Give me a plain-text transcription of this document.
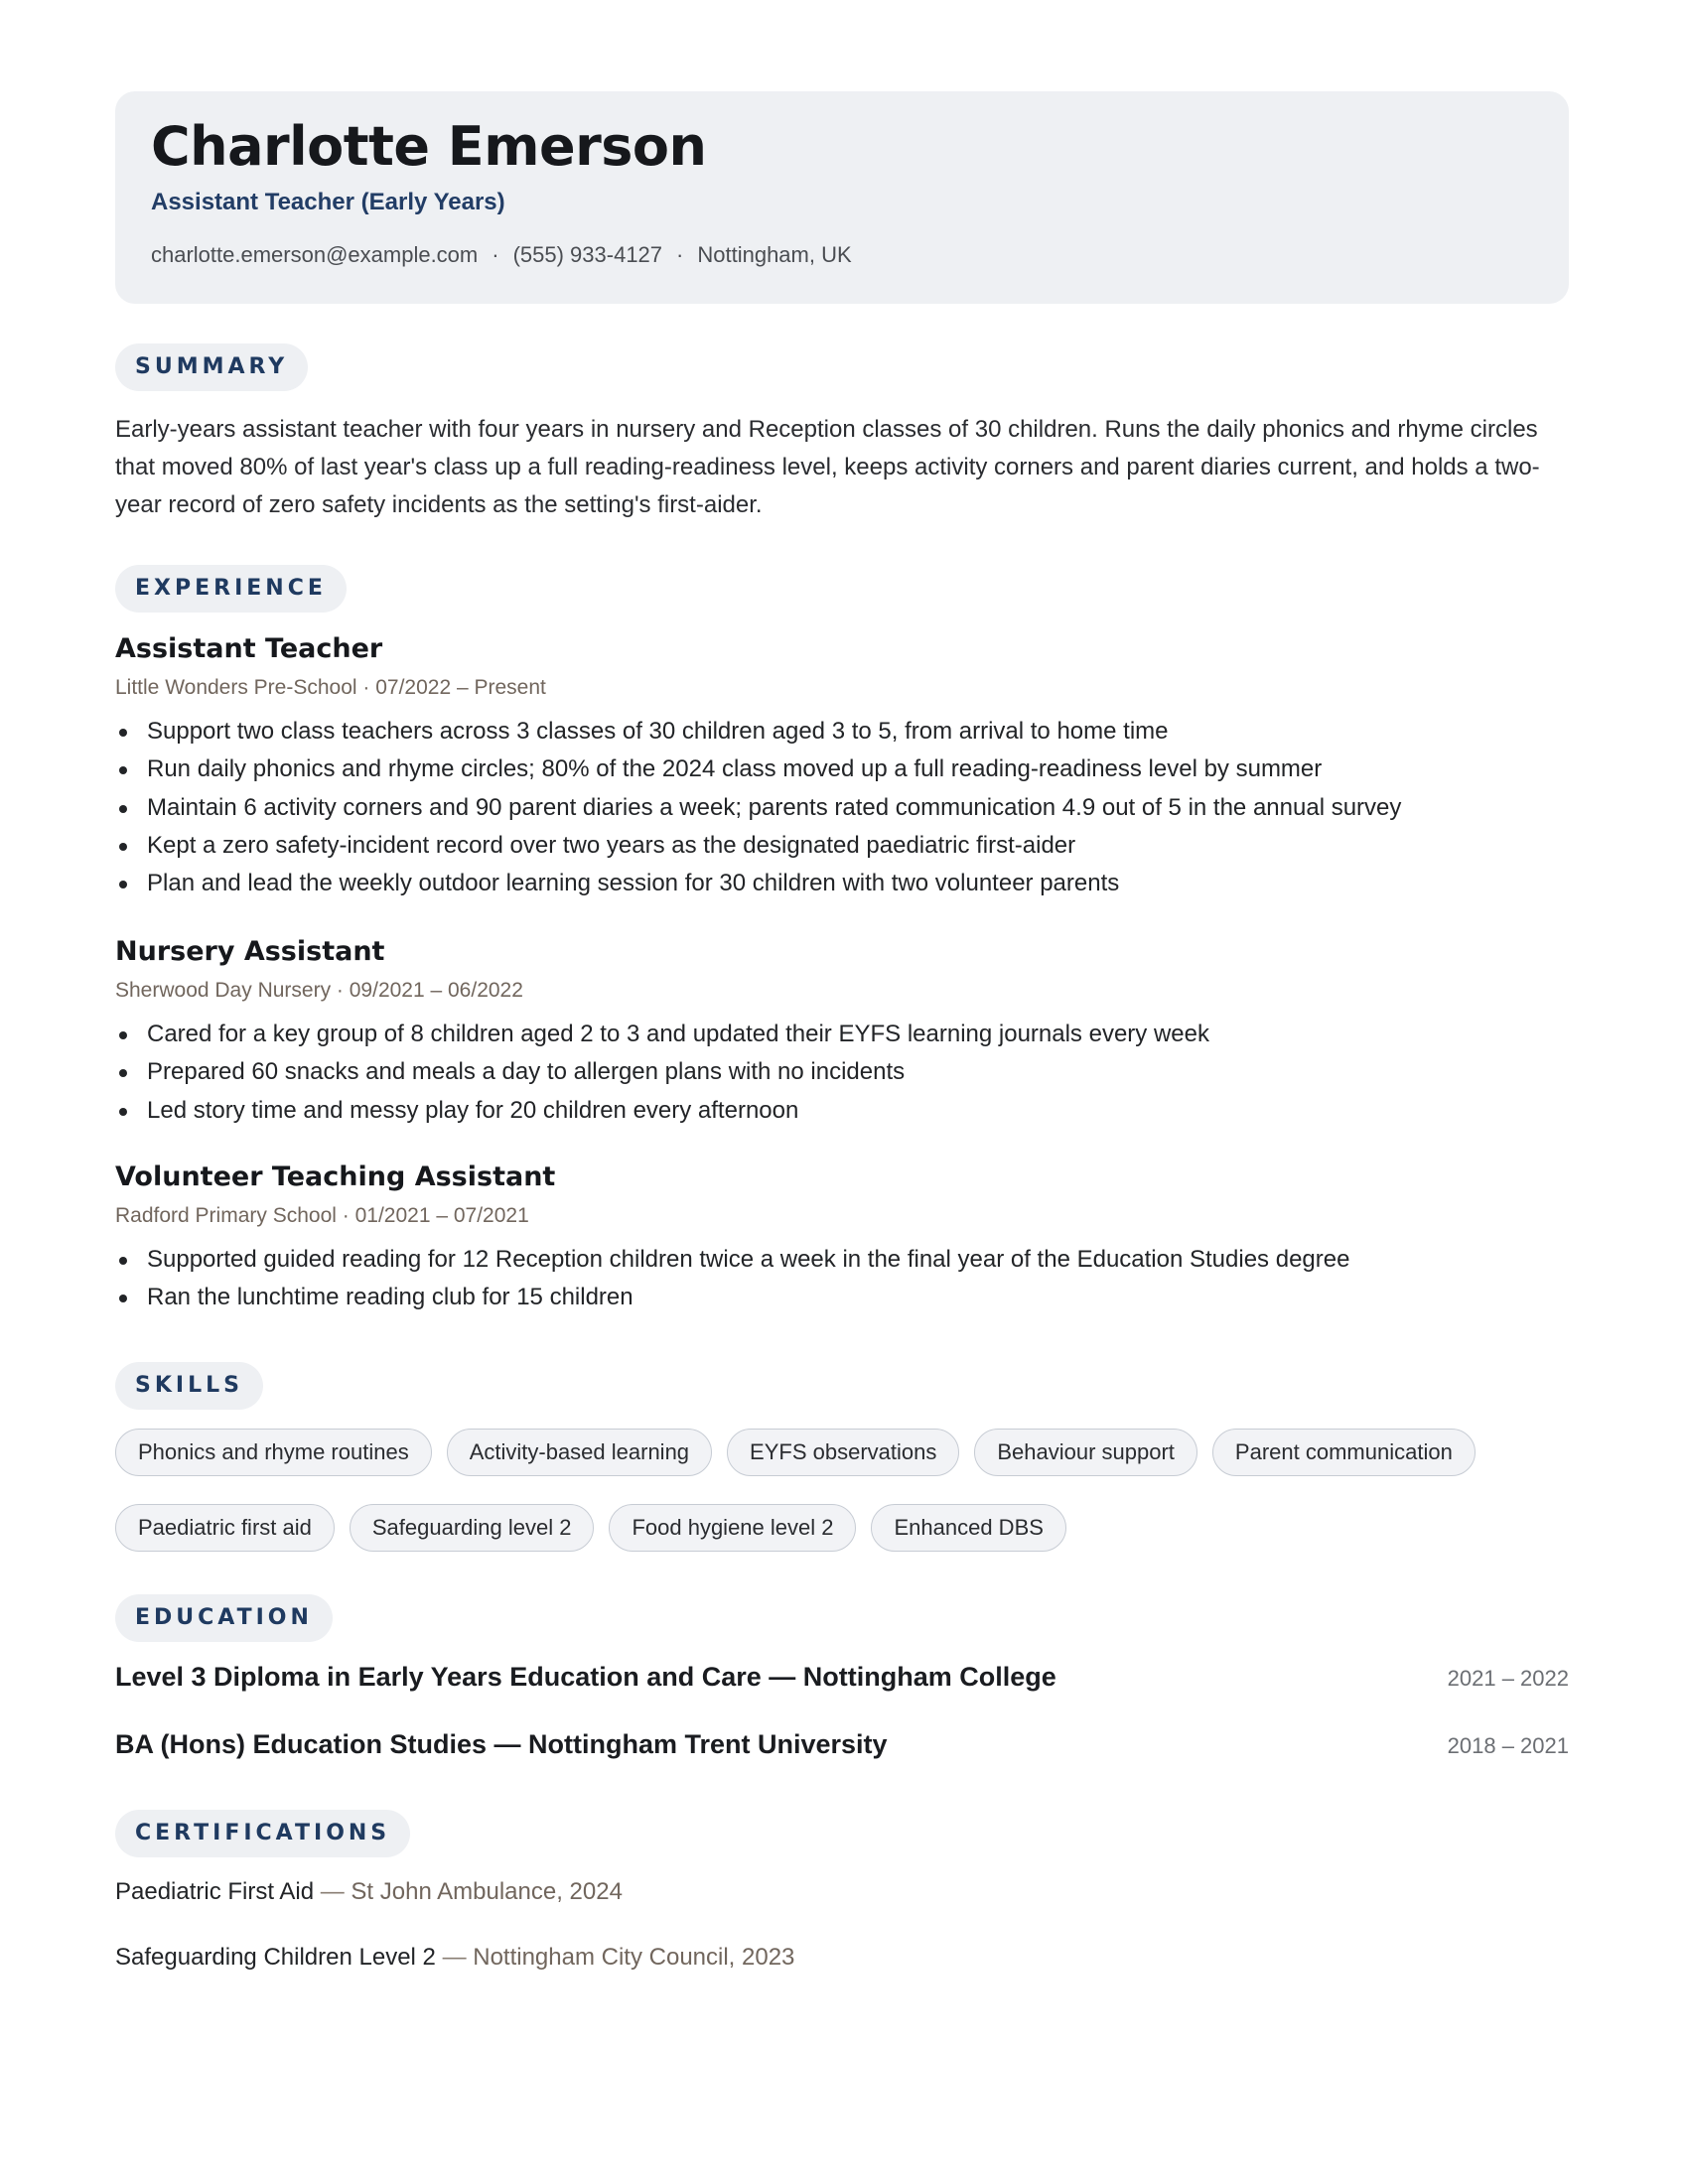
Charlotte Emerson
Assistant Teacher (Early Years)
charlotte.emerson@example.com · (555) 933-4127 · Nottingham, UK
SUMMARY

Early-years assistant teacher with four years in nursery and Reception classes of 30 children. Runs the daily phonics and rhyme circles that moved 80% of last year's class up a full reading-readiness level, keeps activity corners and parent diaries current, and holds a two-year record of zero safety incidents as the setting's first-aider.

EXPERIENCE
Assistant Teacher
Little Wonders Pre-School · 07/2022 – Present
Support two class teachers across 3 classes of 30 children aged 3 to 5, from arrival to home time
Run daily phonics and rhyme circles; 80% of the 2024 class moved up a full reading-readiness level by summer
Maintain 6 activity corners and 90 parent diaries a week; parents rated communication 4.9 out of 5 in the annual survey
Kept a zero safety-incident record over two years as the designated paediatric first-aider
Plan and lead the weekly outdoor learning session for 30 children with two volunteer parents
Nursery Assistant
Sherwood Day Nursery · 09/2021 – 06/2022
Cared for a key group of 8 children aged 2 to 3 and updated their EYFS learning journals every week
Prepared 60 snacks and meals a day to allergen plans with no incidents
Led story time and messy play for 20 children every afternoon
Volunteer Teaching Assistant
Radford Primary School · 01/2021 – 07/2021
Supported guided reading for 12 Reception children twice a week in the final year of the Education Studies degree
Ran the lunchtime reading club for 15 children
SKILLS
Phonics and rhyme routines	Activity-based learning	EYFS observations	Behaviour support	Parent communication
Paediatric first aid	Safeguarding level 2	Food hygiene level 2	Enhanced DBS
EDUCATION
Level 3 Diploma in Early Years Education and Care — Nottingham College	2021 – 2022
BA (Hons) Education Studies — Nottingham Trent University	2018 – 2021
CERTIFICATIONS
Paediatric First Aid — St John Ambulance, 2024
Safeguarding Children Level 2 — Nottingham City Council, 2023
